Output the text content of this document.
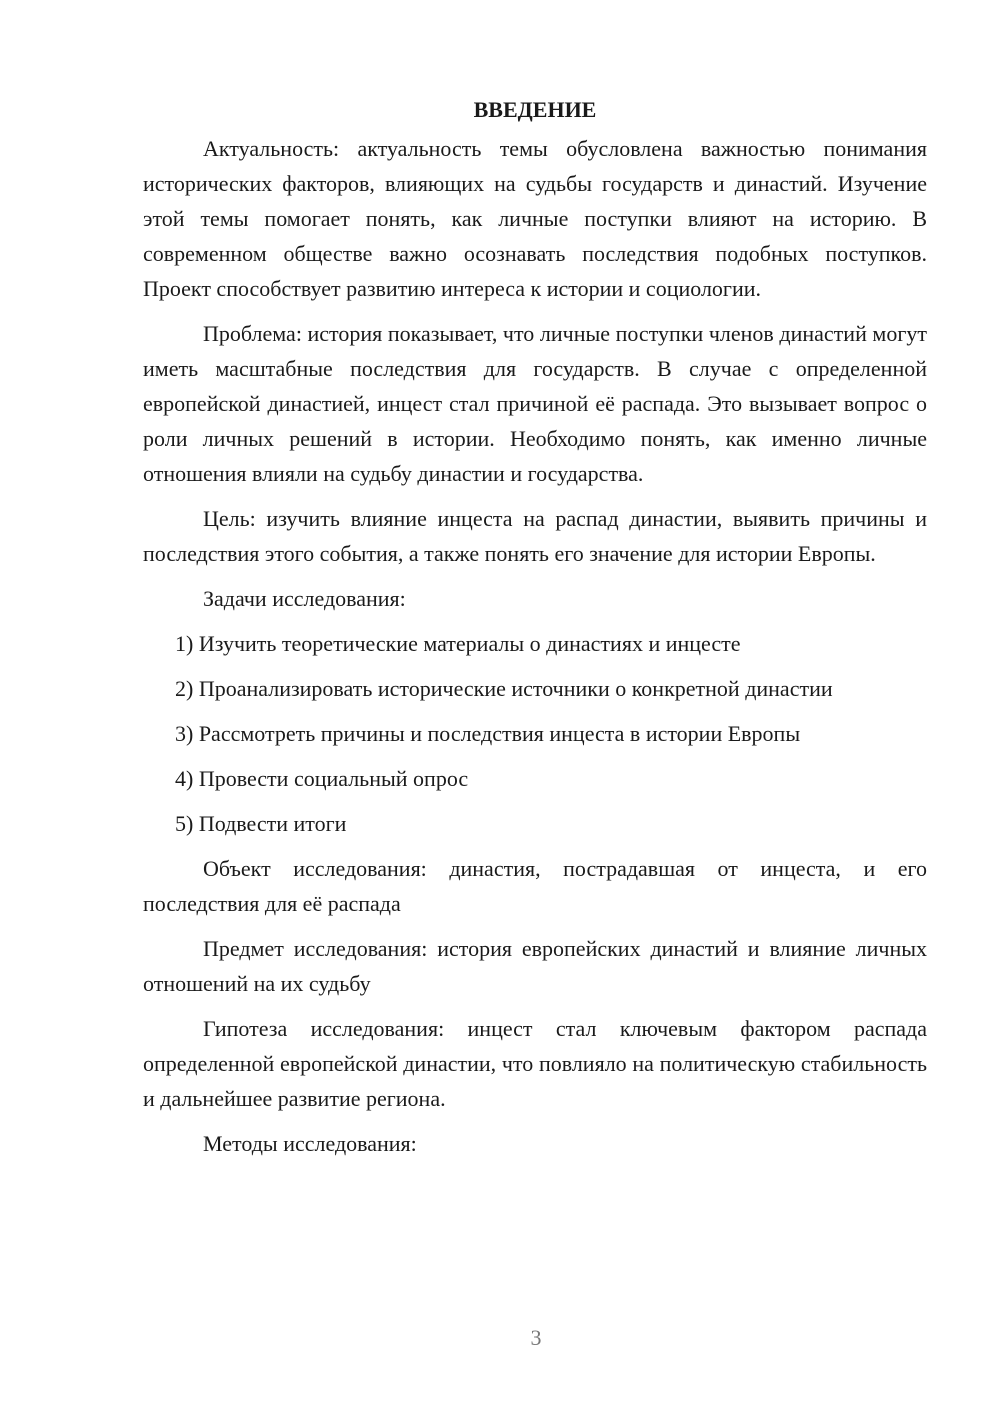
ВВЕДЕНИЕ

Актуальность: актуальность темы обусловлена важностью понимания исторических факторов, влияющих на судьбы государств и династий. Изучение этой темы помогает понять, как личные поступки влияют на историю. В современном обществе важно осознавать последствия подобных поступков. Проект способствует развитию интереса к истории и социологии.

Проблема: история показывает, что личные поступки членов династий могут иметь масштабные последствия для государств. В случае с определенной европейской династией, инцест стал причиной её распада. Это вызывает вопрос о роли личных решений в истории. Необходимо понять, как именно личные отношения влияли на судьбу династии и государства.

Цель: изучить влияние инцеста на распад династии, выявить причины и последствия этого события, а также понять его значение для истории Европы.

Задачи исследования:

1) Изучить теоретические материалы о династиях и инцесте
2) Проанализировать исторические источники о конкретной династии
3) Рассмотреть причины и последствия инцеста в истории Европы
4) Провести социальный опрос
5) Подвести итоги

Объект исследования: династия, пострадавшая от инцеста, и его последствия для её распада

Предмет исследования: история европейских династий и влияние личных отношений на их судьбу

Гипотеза исследования: инцест стал ключевым фактором распада определенной европейской династии, что повлияло на политическую стабильность и дальнейшее развитие региона.

Методы исследования:

3
